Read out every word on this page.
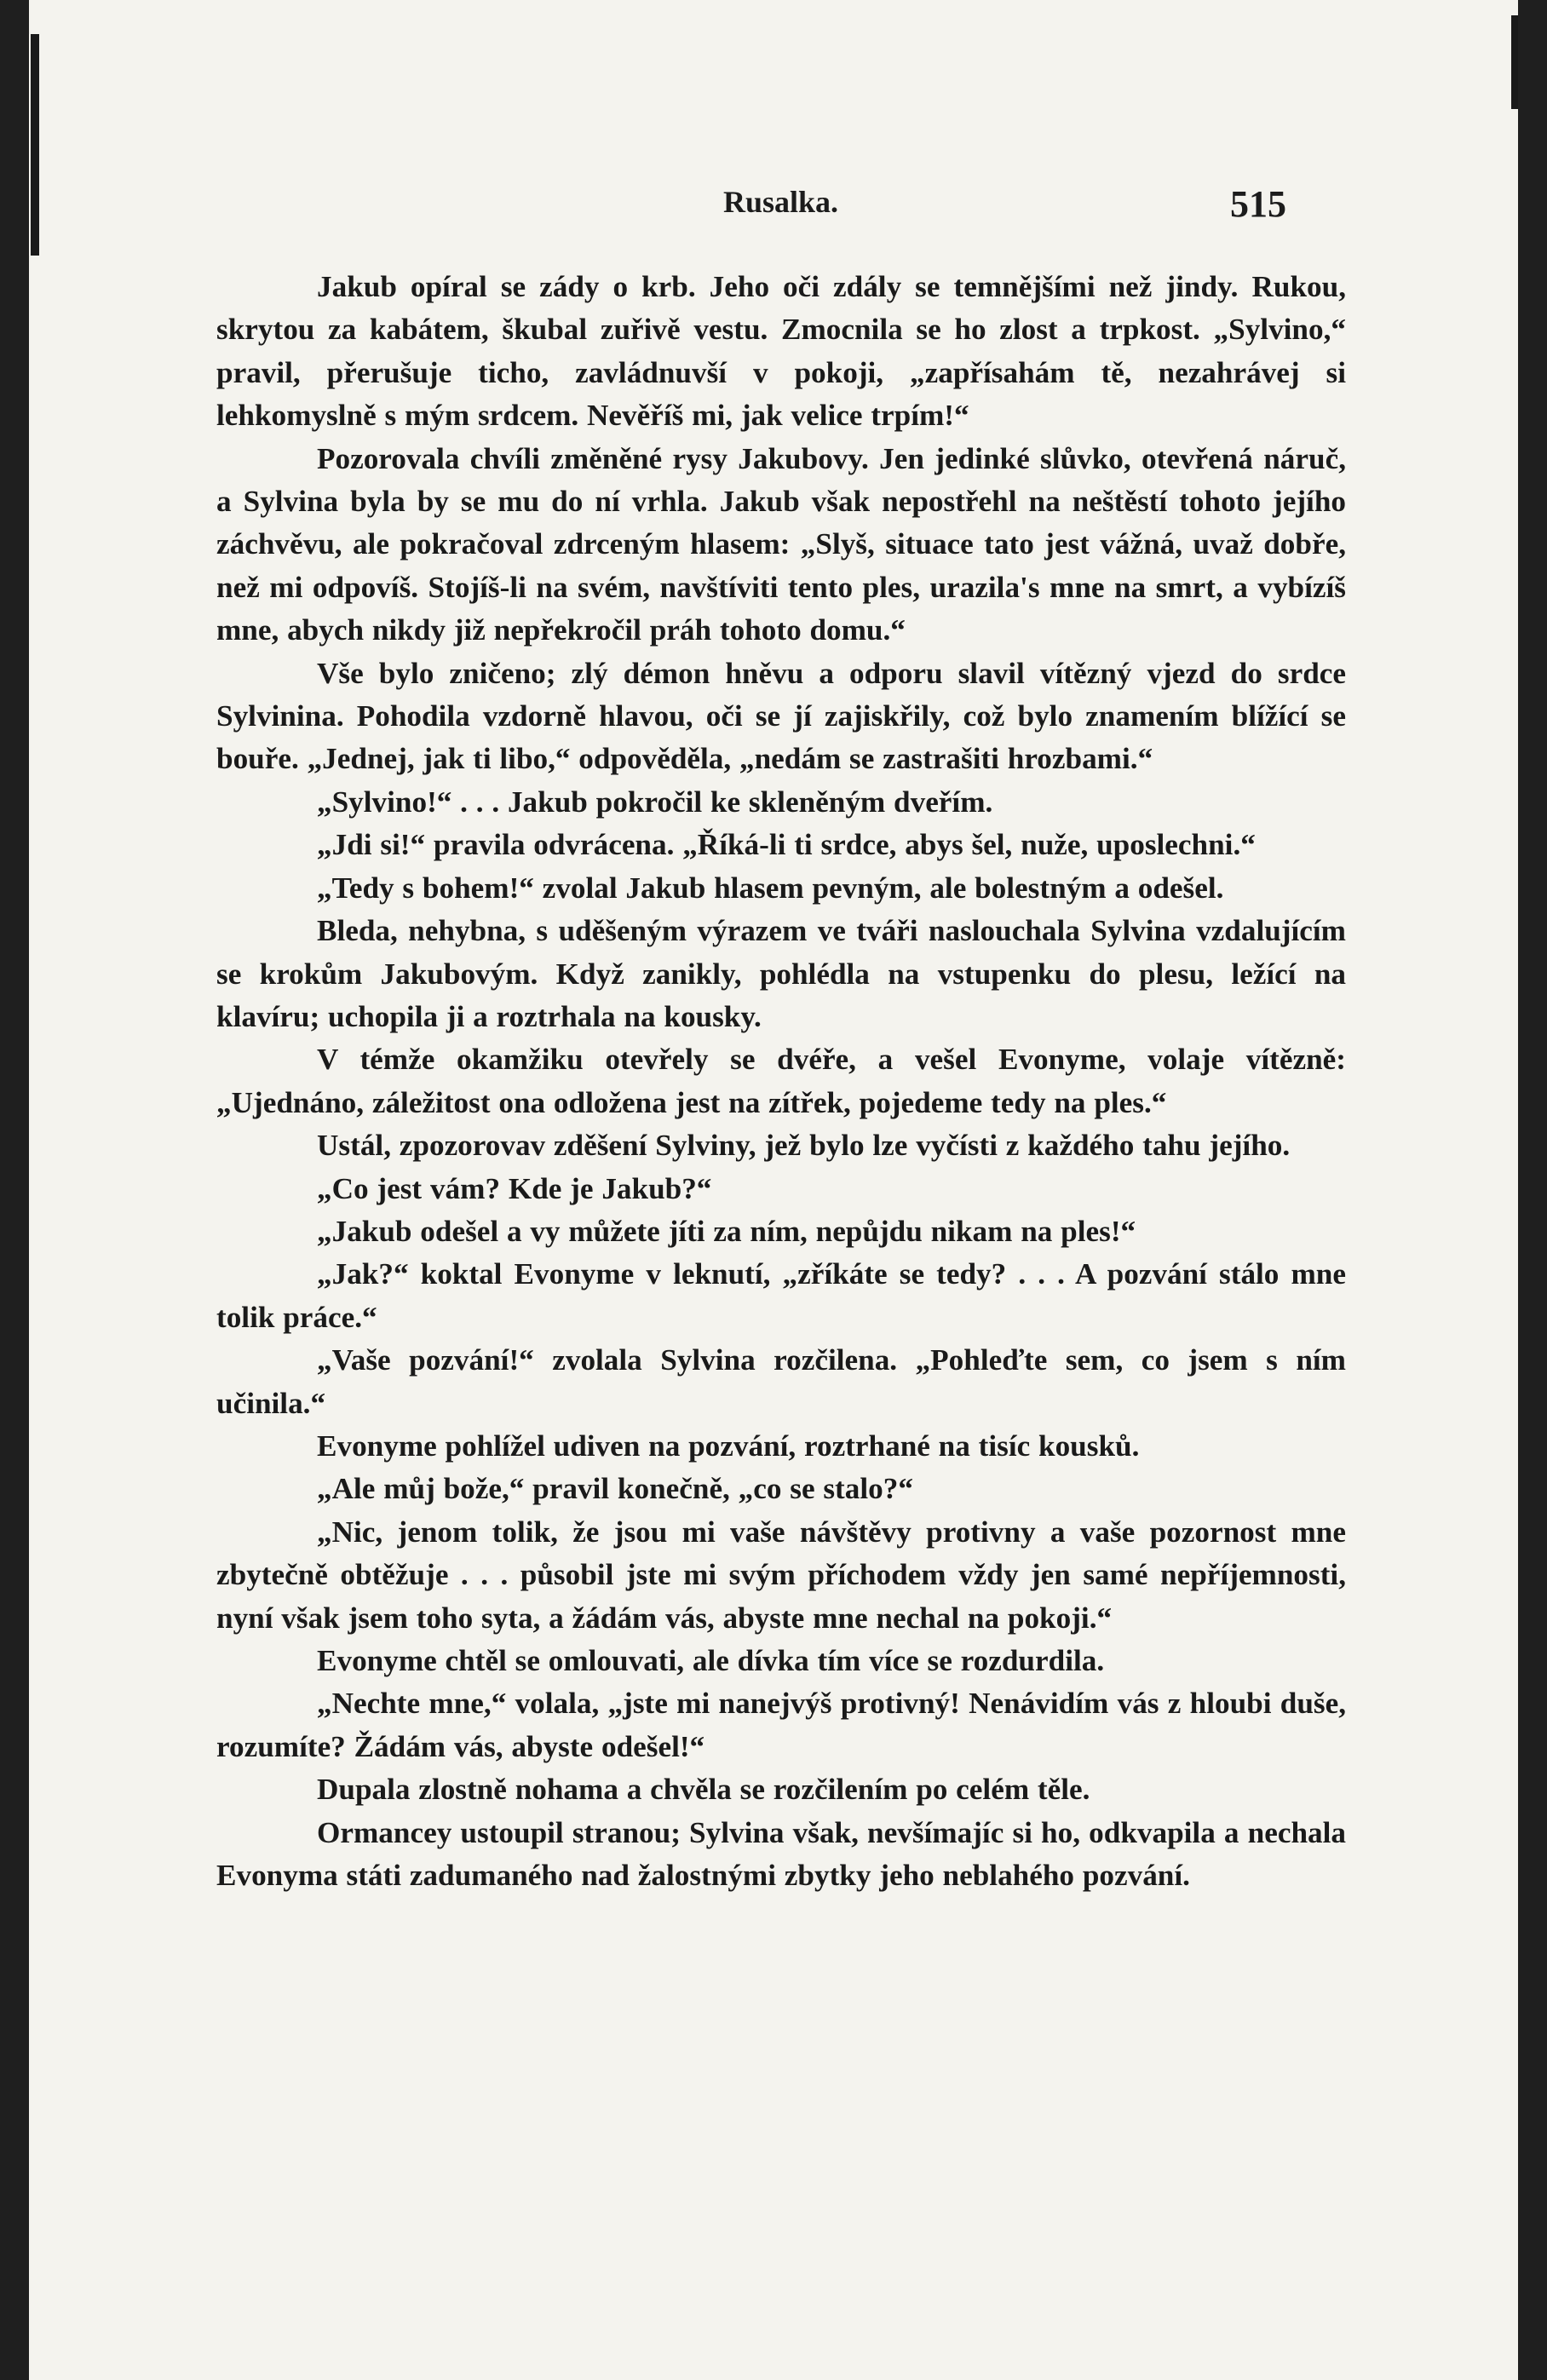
Rusalka.	515

Jakub opíral se zády o krb. Jeho oči zdály se temnějšími než jindy. Rukou, skrytou za kabátem, škubal zuřivě vestu. Zmocnila se ho zlost a trpkost. „Sylvino,“ pravil, přerušuje ticho, zavládnuvší v pokoji, „zapřísahám tě, nezahrávej si lehkomyslně s mým srdcem. Nevěříš mi, jak velice trpím!“

Pozorovala chvíli změněné rysy Jakubovy. Jen jedinké slůvko, otevřená náruč, a Sylvina byla by se mu do ní vrhla. Jakub však nepostřehl na neštěstí tohoto jejího záchvěvu, ale pokračoval zdrceným hlasem: „Slyš, situace tato jest vážná, uvaž dobře, než mi odpovíš. Stojíš-li na svém, navštíviti tento ples, urazila's mne na smrt, a vybízíš mne, abych nikdy již nepřekročil práh tohoto domu.“

Vše bylo zničeno; zlý démon hněvu a odporu slavil vítězný vjezd do srdce Sylvinina. Pohodila vzdorně hlavou, oči se jí zajiskřily, což bylo znamením blížící se bouře. „Jednej, jak ti libo,“ odpověděla, „nedám se zastrašiti hrozbami.“

„Sylvino!“ . . . Jakub pokročil ke skleněným dveřím.

„Jdi si!“ pravila odvrácena. „Říká-li ti srdce, abys šel, nuže, uposlechni.“

„Tedy s bohem!“ zvolal Jakub hlasem pevným, ale bolestným a odešel.

Bleda, nehybna, s uděšeným výrazem ve tváři naslouchala Sylvina vzdalujícím se krokům Jakubovým. Když zanikly, pohlédla na vstupenku do plesu, ležící na klavíru; uchopila ji a roztrhala na kousky.

V témže okamžiku otevřely se dvéře, a vešel Evonyme, volaje vítězně: „Ujednáno, záležitost ona odložena jest na zítřek, pojedeme tedy na ples.“

Ustál, zpozorovav zděšení Sylviny, jež bylo lze vyčísti z každého tahu jejího.

„Co jest vám? Kde je Jakub?“

„Jakub odešel a vy můžete jíti za ním, nepůjdu nikam na ples!“

„Jak?“ koktal Evonyme v leknutí, „zříkáte se tedy? . . . A pozvání stálo mne tolik práce.“

„Vaše pozvání!“ zvolala Sylvina rozčilena. „Pohleďte sem, co jsem s ním učinila.“

Evonyme pohlížel udiven na pozvání, roztrhané na tisíc kousků.

„Ale můj bože,“ pravil konečně, „co se stalo?“

„Nic, jenom tolik, že jsou mi vaše návštěvy protivny a vaše pozornost mne zbytečně obtěžuje . . . působil jste mi svým příchodem vždy jen samé nepříjemnosti, nyní však jsem toho syta, a žádám vás, abyste mne nechal na pokoji.“

Evonyme chtěl se omlouvati, ale dívka tím více se rozdurdila.

„Nechte mne,“ volala, „jste mi nanejvýš protivný! Nenávidím vás z hloubi duše, rozumíte? Žádám vás, abyste odešel!“

Dupala zlostně nohama a chvěla se rozčilením po celém těle.

Ormancey ustoupil stranou; Sylvina však, nevšímajíc si ho, odkvapila a nechala Evonyma státi zadumaného nad žalostnými zbytky jeho neblahého pozvání.
